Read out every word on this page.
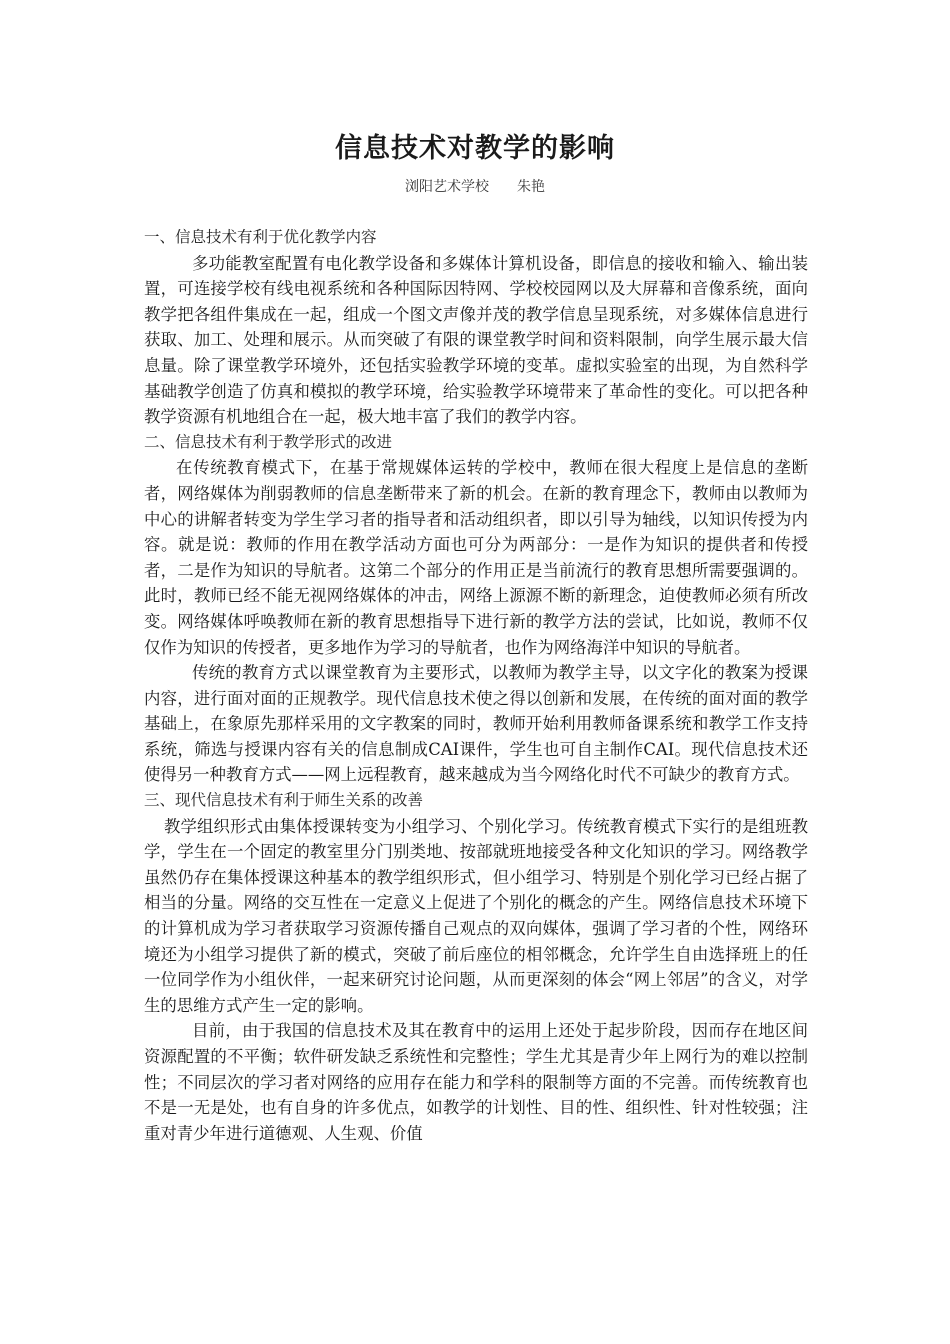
信息技术对教学的影响
浏阳艺术学校 朱艳

一、信息技术有利于优化教学内容

多功能教室配置有电化教学设备和多媒体计算机设备，即信息的接收和输入、输出装置，可连接学校有线电视系统和各种国际因特网、学校校园网以及大屏幕和音像系统，面向教学把各组件集成在一起，组成一个图文声像并茂的教学信息呈现系统，对多媒体信息进行获取、加工、处理和展示。从而突破了有限的课堂教学时间和资料限制，向学生展示最大信息量。除了课堂教学环境外，还包括实验教学环境的变革。虚拟实验室的出现，为自然科学基础教学创造了仿真和模拟的教学环境，给实验教学环境带来了革命性的变化。可以把各种教学资源有机地组合在一起，极大地丰富了我们的教学内容。

二、信息技术有利于教学形式的改进

在传统教育模式下，在基于常规媒体运转的学校中，教师在很大程度上是信息的垄断者，网络媒体为削弱教师的信息垄断带来了新的机会。在新的教育理念下，教师由以教师为中心的讲解者转变为学生学习者的指导者和活动组织者，即以引导为轴线，以知识传授为内容。就是说：教师的作用在教学活动方面也可分为两部分：一是作为知识的提供者和传授者，二是作为知识的导航者。这第二个部分的作用正是当前流行的教育思想所需要强调的。此时，教师已经不能无视网络媒体的冲击，网络上源源不断的新理念，迫使教师必须有所改变。网络媒体呼唤教师在新的教育思想指导下进行新的教学方法的尝试，比如说，教师不仅仅作为知识的传授者，更多地作为学习的导航者，也作为网络海洋中知识的导航者。

传统的教育方式以课堂教育为主要形式，以教师为教学主导，以文字化的教案为授课内容，进行面对面的正规教学。现代信息技术使之得以创新和发展，在传统的面对面的教学基础上，在象原先那样采用的文字教案的同时，教师开始利用教师备课系统和教学工作支持系统，筛选与授课内容有关的信息制成CAI课件，学生也可自主制作CAI。现代信息技术还使得另一种教育方式——网上远程教育，越来越成为当今网络化时代不可缺少的教育方式。

三、现代信息技术有利于师生关系的改善

教学组织形式由集体授课转变为小组学习、个别化学习。传统教育模式下实行的是组班教学，学生在一个固定的教室里分门别类地、按部就班地接受各种文化知识的学习。网络教学虽然仍存在集体授课这种基本的教学组织形式，但小组学习、特别是个别化学习已经占据了相当的分量。网络的交互性在一定意义上促进了个别化的概念的产生。网络信息技术环境下的计算机成为学习者获取学习资源传播自己观点的双向媒体，强调了学习者的个性，网络环境还为小组学习提供了新的模式，突破了前后座位的相邻概念，允许学生自由选择班上的任一位同学作为小组伙伴，一起来研究讨论问题，从而更深刻的体会“网上邻居”的含义，对学生的思维方式产生一定的影响。

目前，由于我国的信息技术及其在教育中的运用上还处于起步阶段，因而存在地区间资源配置的不平衡；软件研发缺乏系统性和完整性；学生尤其是青少年上网行为的难以控制性；不同层次的学习者对网络的应用存在能力和学科的限制等方面的不完善。而传统教育也不是一无是处，也有自身的许多优点，如教学的计划性、目的性、组织性、针对性较强；注重对青少年进行道德观、人生观、价值
